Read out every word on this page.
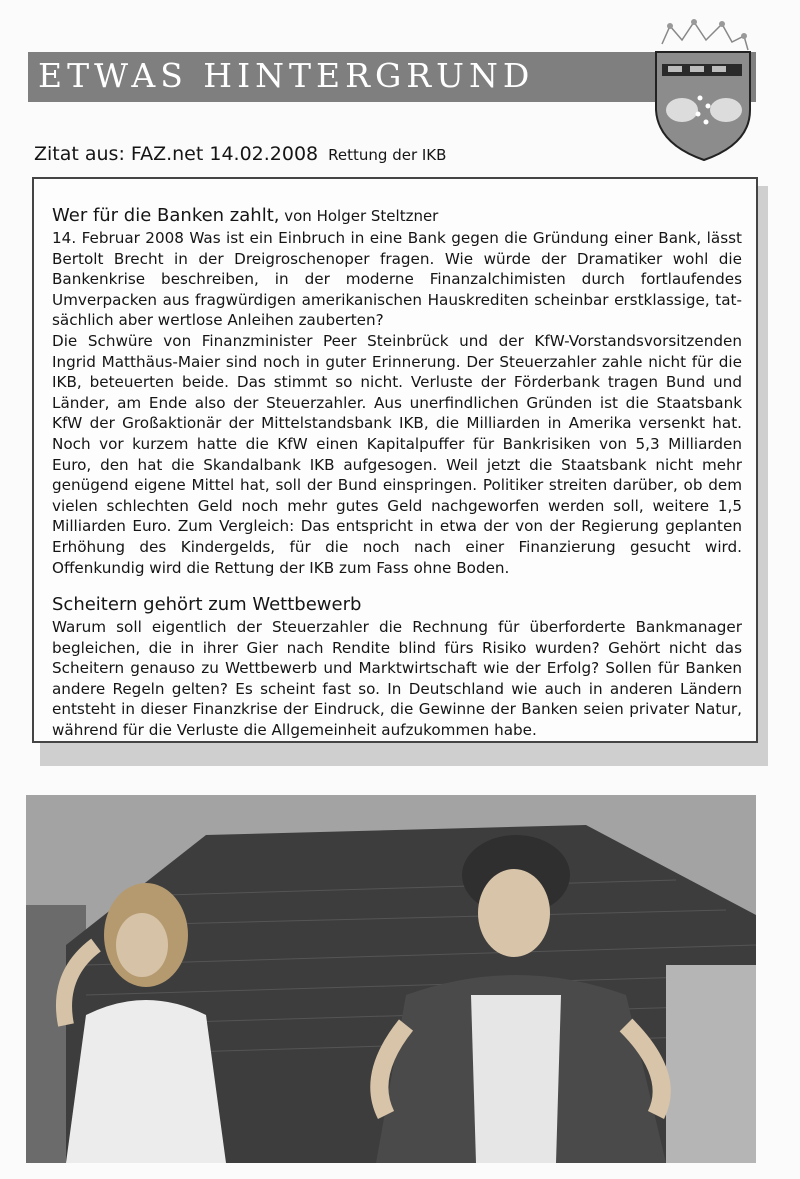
ETWAS HINTERGRUND
Zitat aus: FAZ.net 14.02.2008 Rettung der IKB
Wer für die Banken zahlt, von Holger Steltzner

14. Februar 2008 Was ist ein Einbruch in eine Bank gegen die Gründung einer Bank, lässt Bertolt Brecht in der Dreigroschenoper fragen. Wie würde der Dramatiker wohl die Bankenkrise beschreiben, in der moderne Finanzalchimisten durch fortlaufendes Umverpacken aus fragwürdigen amerikanischen Hauskrediten scheinbar erstklassige, tatsächlich aber wertlose Anleihen zauberten?

Die Schwüre von Finanzminister Peer Steinbrück und der KfW-Vorstandsvorsitzenden Ingrid Matthäus-Maier sind noch in guter Erinnerung. Der Steuerzahler zahle nicht für die IKB, beteuerten beide. Das stimmt so nicht. Verluste der Förderbank tragen Bund und Länder, am Ende also der Steuerzahler. Aus unerfindlichen Gründen ist die Staatsbank KfW der Großaktionär der Mittelstandsbank IKB, die Milliarden in Amerika versenkt hat. Noch vor kurzem hatte die KfW einen Kapitalpuffer für Bankrisiken von 5,3 Milliarden Euro, den hat die Skandalbank IKB aufgesogen. Weil jetzt die Staatsbank nicht mehr genügend eigene Mittel hat, soll der Bund einspringen. Politiker streiten darüber, ob dem vielen schlechten Geld noch mehr gutes Geld nachgeworfen werden soll, weitere 1,5 Milliarden Euro. Zum Vergleich: Das entspricht in etwa der von der Regierung geplanten Erhöhung des Kindergelds, für die noch nach einer Finanzierung gesucht wird. Offenkundig wird die Rettung der IKB zum Fass ohne Boden.

Scheitern gehört zum Wettbewerb

Warum soll eigentlich der Steuerzahler die Rechnung für überforderte Bankmanager begleichen, die in ihrer Gier nach Rendite blind fürs Risiko wurden? Gehört nicht das Scheitern genauso zu Wettbewerb und Marktwirtschaft wie der Erfolg? Sollen für Banken andere Regeln gelten? Es scheint fast so. In Deutschland wie auch in anderen Ländern entsteht in dieser Finanzkrise der Eindruck, die Gewinne der Banken seien privater Natur, während für die Verluste die Allgemeinheit aufzukommen habe.
